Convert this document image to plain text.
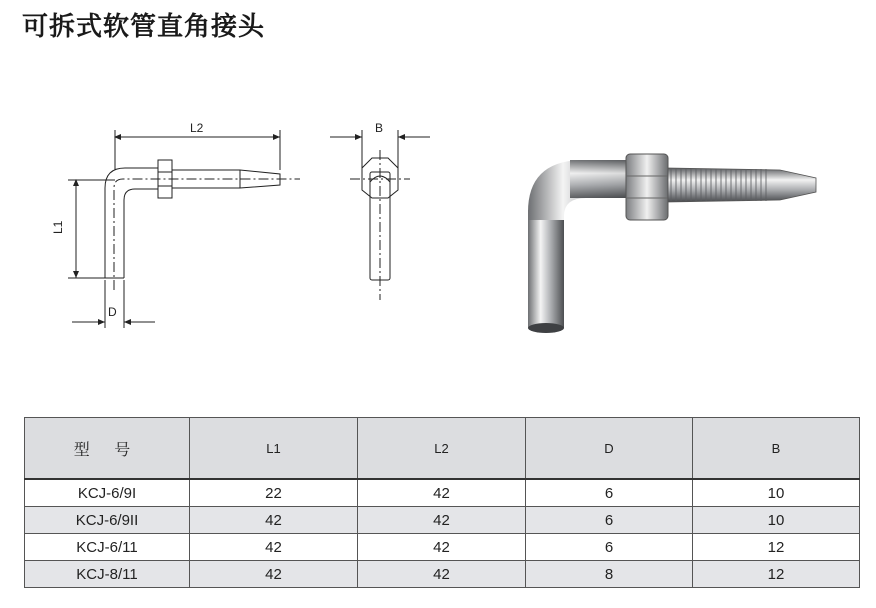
可拆式软管直角接头
L2
L1
D
B
型 号	L1	L2	D	B
KCJ-6/9I	22	42	6	10
KCJ-6/9II	42	42	6	10
KCJ-6/11	42	42	6	12
KCJ-8/11	42	42	8	12
